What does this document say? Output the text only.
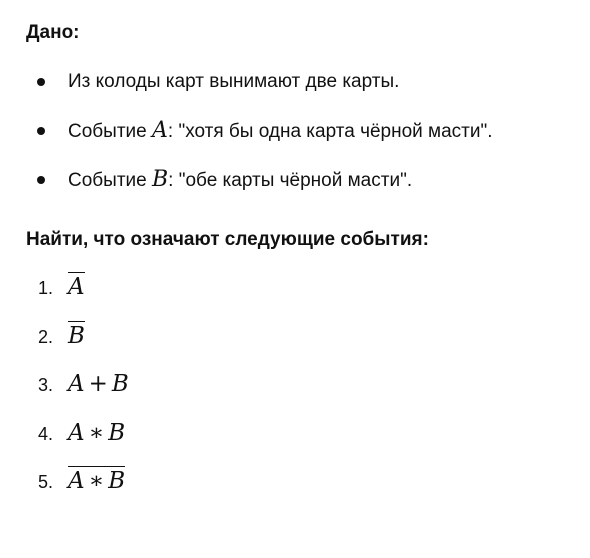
Дано:
Из колоды карт вынимают две карты.
Событие A: "хотя бы одна карта чёрной масти".
Событие B: "обе карты чёрной масти".
Найти, что означают следующие события:
1. A
2. B
3. A + B
4. A ∗ B
5. A ∗ B
